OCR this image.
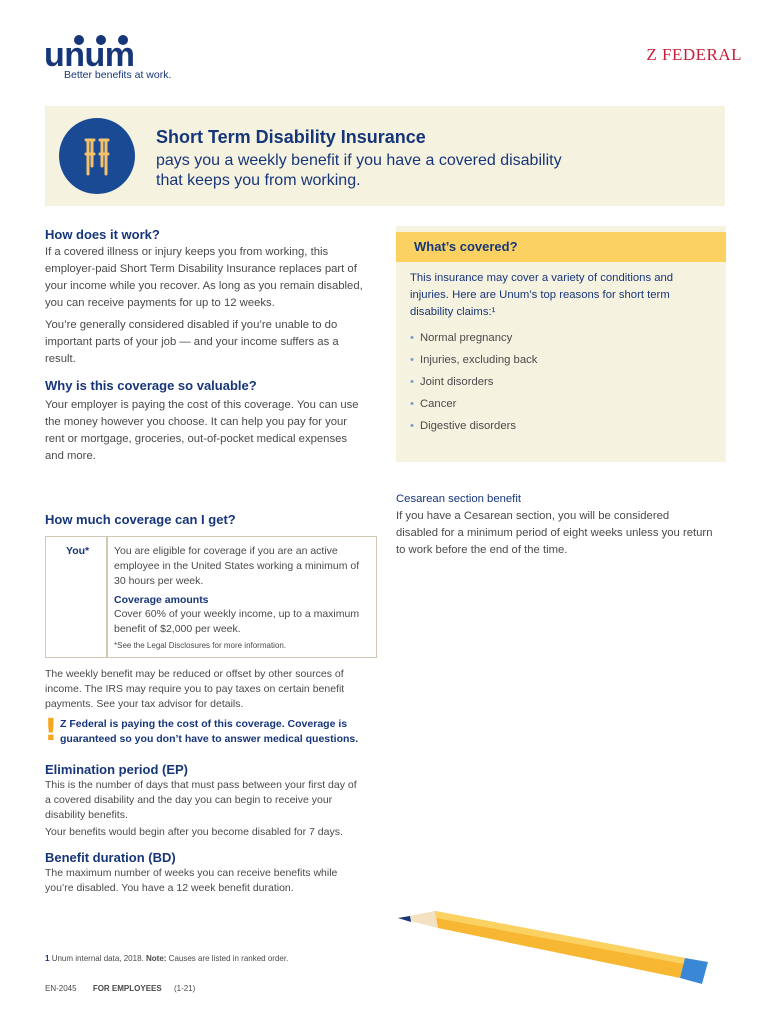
unum
Better benefits at work.
Z FEDERAL
Short Term Disability Insurance
pays you a weekly benefit if you have a covered disability
that keeps you from working.
How does it work?
If a covered illness or injury keeps you from working, this employer-paid Short Term Disability Insurance replaces part of your income while you recover. As long as you remain disabled, you can receive payments for up to 12 weeks.
You’re generally considered disabled if you’re unable to do important parts of your job — and your income suffers as a result.
Why is this coverage so valuable?
Your employer is paying the cost of this coverage. You can use the money however you choose. It can help you pay for your rent or mortgage, groceries, out-of-pocket medical expenses and more.
How much coverage can I get?
You* You are eligible for coverage if you are an active employee in the United States working a minimum of 30 hours per week.
Coverage amounts
Cover 60% of your weekly income, up to a maximum benefit of $2,000 per week.
*See the Legal Disclosures for more information.
The weekly benefit may be reduced or offset by other sources of income. The IRS may require you to pay taxes on certain benefit payments. See your tax advisor for details.
! Z Federal is paying the cost of this coverage. Coverage is guaranteed so you don’t have to answer medical questions.
Elimination period (EP)
This is the number of days that must pass between your first day of a covered disability and the day you can begin to receive your disability benefits.
Your benefits would begin after you become disabled for 7 days.
Benefit duration (BD)
The maximum number of weeks you can receive benefits while you’re disabled. You have a 12 week benefit duration.
What’s covered?
This insurance may cover a variety of conditions and injuries. Here are Unum’s top reasons for short term disability claims:¹
• Normal pregnancy
• Injuries, excluding back
• Joint disorders
• Cancer
• Digestive disorders
Cesarean section benefit
If you have a Cesarean section, you will be considered disabled for a minimum period of eight weeks unless you return to work before the end of the time.
1 Unum internal data, 2018. Note: Causes are listed in ranked order.
EN-2045 FOR EMPLOYEES (1-21)
